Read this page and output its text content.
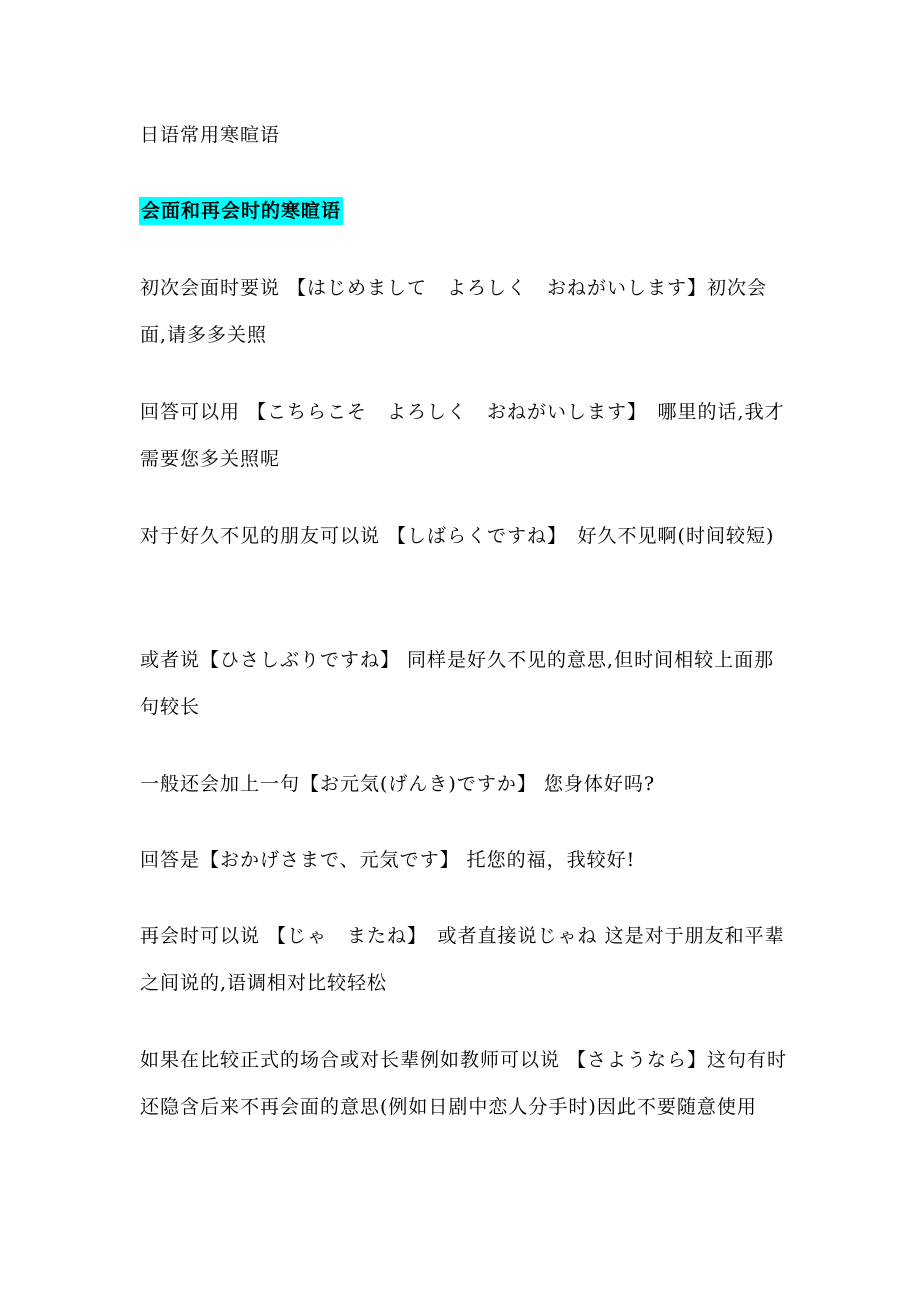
日语常用寒暄语
会面和再会时的寒暄语
初次会面时要说 【はじめまして　よろしく　おねがいします】初次会面,请多多关照
回答可以用 【こちらこそ　よろしく　おねがいします】　哪里的话,我才需要您多关照呢
对于好久不见的朋友可以说 【しばらくですね】　好久不见啊(时间较短)
或者说【ひさしぶりですね】 同样是好久不见的意思,但时间相较上面那句较长
一般还会加上一句【お元気(げんき)ですか】 您身体好吗?
回答是【おかげさまで、元気です】 托您的福，我较好!
再会时可以说 【じゃ　またね】　或者直接说じゃね 这是对于朋友和平辈之间说的,语调相对比较轻松
如果在比较正式的场合或对长辈例如教师可以说 【さようなら】这句有时还隐含后来不再会面的意思(例如日剧中恋人分手时)因此不要随意使用
